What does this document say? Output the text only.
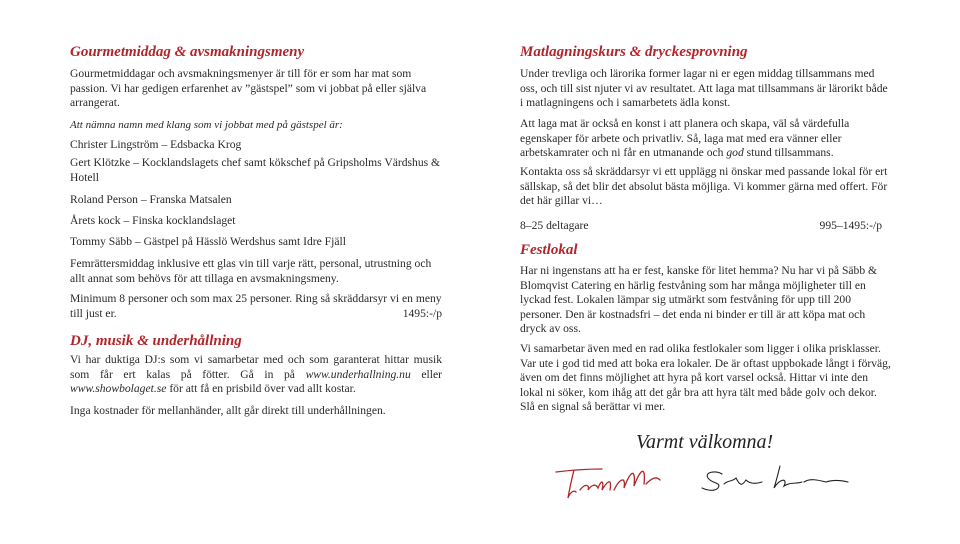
Gourmetmiddag & avsmakningsmeny

Gourmetmiddagar och avsmakningsmenyer är till för er som har mat som passion. Vi har gedigen erfarenhet av ”gästspel” som vi jobbat på eller själva arrangerat.

Att nämna namn med klang som vi jobbat med på gästspel är:

Christer Lingström – Edsbacka Krog

Gert Klötzke – Kocklandslagets chef samt kökschef på Gripsholms Värdshus & Hotell

Roland Person – Franska Matsalen

Årets kock – Finska kocklandslaget

Tommy Säbb – Gästpel på Hässlö Werdshus samt Idre Fjäll

Femrättersmiddag inklusive ett glas vin till varje rätt, personal, utrustning och allt annat som behövs för att tillaga en avsmakningsmeny.

Minimum 8 personer och som max 25 personer. Ring så skräddarsyr vi en meny till just er.	1495:-/p
DJ, musik & underhållning

Vi har duktiga DJ:s som vi samarbetar med och som garanterat hittar musik som får ert kalas på fötter. Gå in på www.underhallning.nu eller www.showbolaget.se för att få en prisbild över vad allt kostar.

Inga kostnader för mellanhänder, allt går direkt till underhållningen.

Matlagningskurs & dryckesprovning

Under trevliga och lärorika former lagar ni er egen middag tillsammans med oss, och till sist njuter vi av resultatet. Att laga mat tillsammans är lärorikt både i matlagningens och i samarbetets ädla konst.

Att laga mat är också en konst i att planera och skapa, väl så värdefulla egenskaper för arbete och privatliv. Så, laga mat med era vänner eller arbetskamrater och ni får en utmanande och god stund tillsammans.

Kontakta oss så skräddarsyr vi ett upplägg ni önskar med passande lokal för ert sällskap, så det blir det absolut bästa möjliga. Vi kommer gärna med offert. För det här gillar vi…

8–25 deltagare	995–1495:-/p
Festlokal

Har ni ingenstans att ha er fest, kanske för litet hemma? Nu har vi på Säbb & Blomqvist Catering en härlig festvåning som har många möjligheter till en lyckad fest. Lokalen lämpar sig utmärkt som festvåning för upp till 200 personer. Den är kostnadsfri – det enda ni binder er till är att köpa mat och dryck av oss.

Vi samarbetar även med en rad olika festlokaler som ligger i olika prisklasser. Var ute i god tid med att boka era lokaler. De är oftast uppbokade långt i förväg, även om det finns möjlighet att hyra på kort varsel också. Hittar vi inte den lokal ni söker, kom ihåg att det går bra att hyra tält med både golv och dekor. Slå en signal så berättar vi mer.

Varmt välkomna!
